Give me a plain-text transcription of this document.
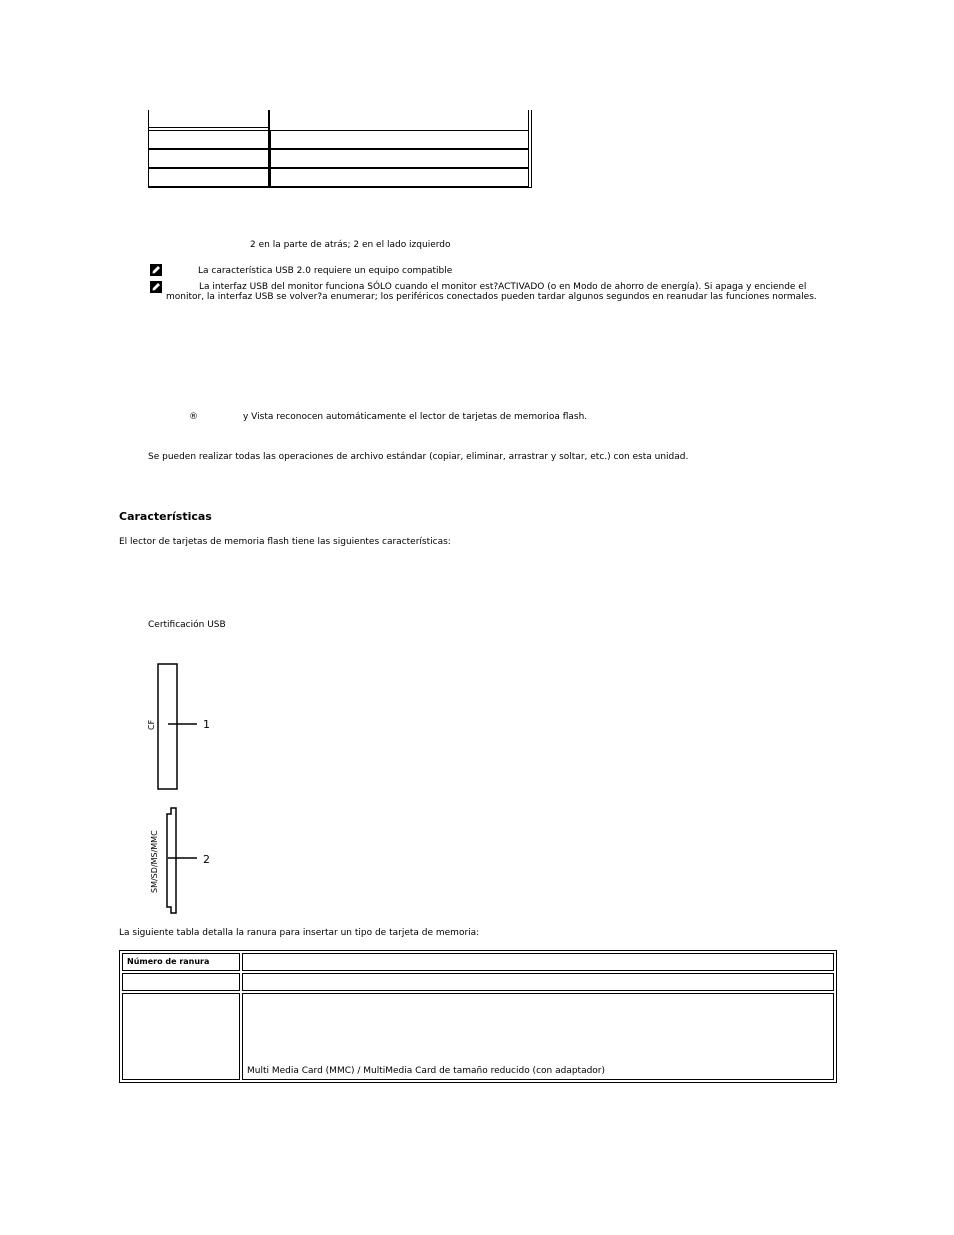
2 en la parte de atrás; 2 en el lado izquierdo
La característica USB 2.0 requiere un equipo compatible
La interfaz USB del monitor funciona SÓLO cuando el monitor est?ACTIVADO (o en Modo de ahorro de energía). Si apaga y enciende el
monitor, la interfaz USB se volver?a enumerar; los periféricos conectados pueden tardar algunos segundos en reanudar las funciones normales.
®	y Vista reconocen automáticamente el lector de tarjetas de memorioa flash.
Se pueden realizar todas las operaciones de archivo estándar (copiar, eliminar, arrastrar y soltar, etc.) con esta unidad.
Características
El lector de tarjetas de memoria flash tiene las siguientes características:
Certificación USB
1
CF
2
SM/SD/MS/MMC
La siguiente tabla detalla la ranura para insertar un tipo de tarjeta de memoria:
Número de ranura
Multi Media Card (MMC) / MultiMedia Card de tamaño reducido (con adaptador)
